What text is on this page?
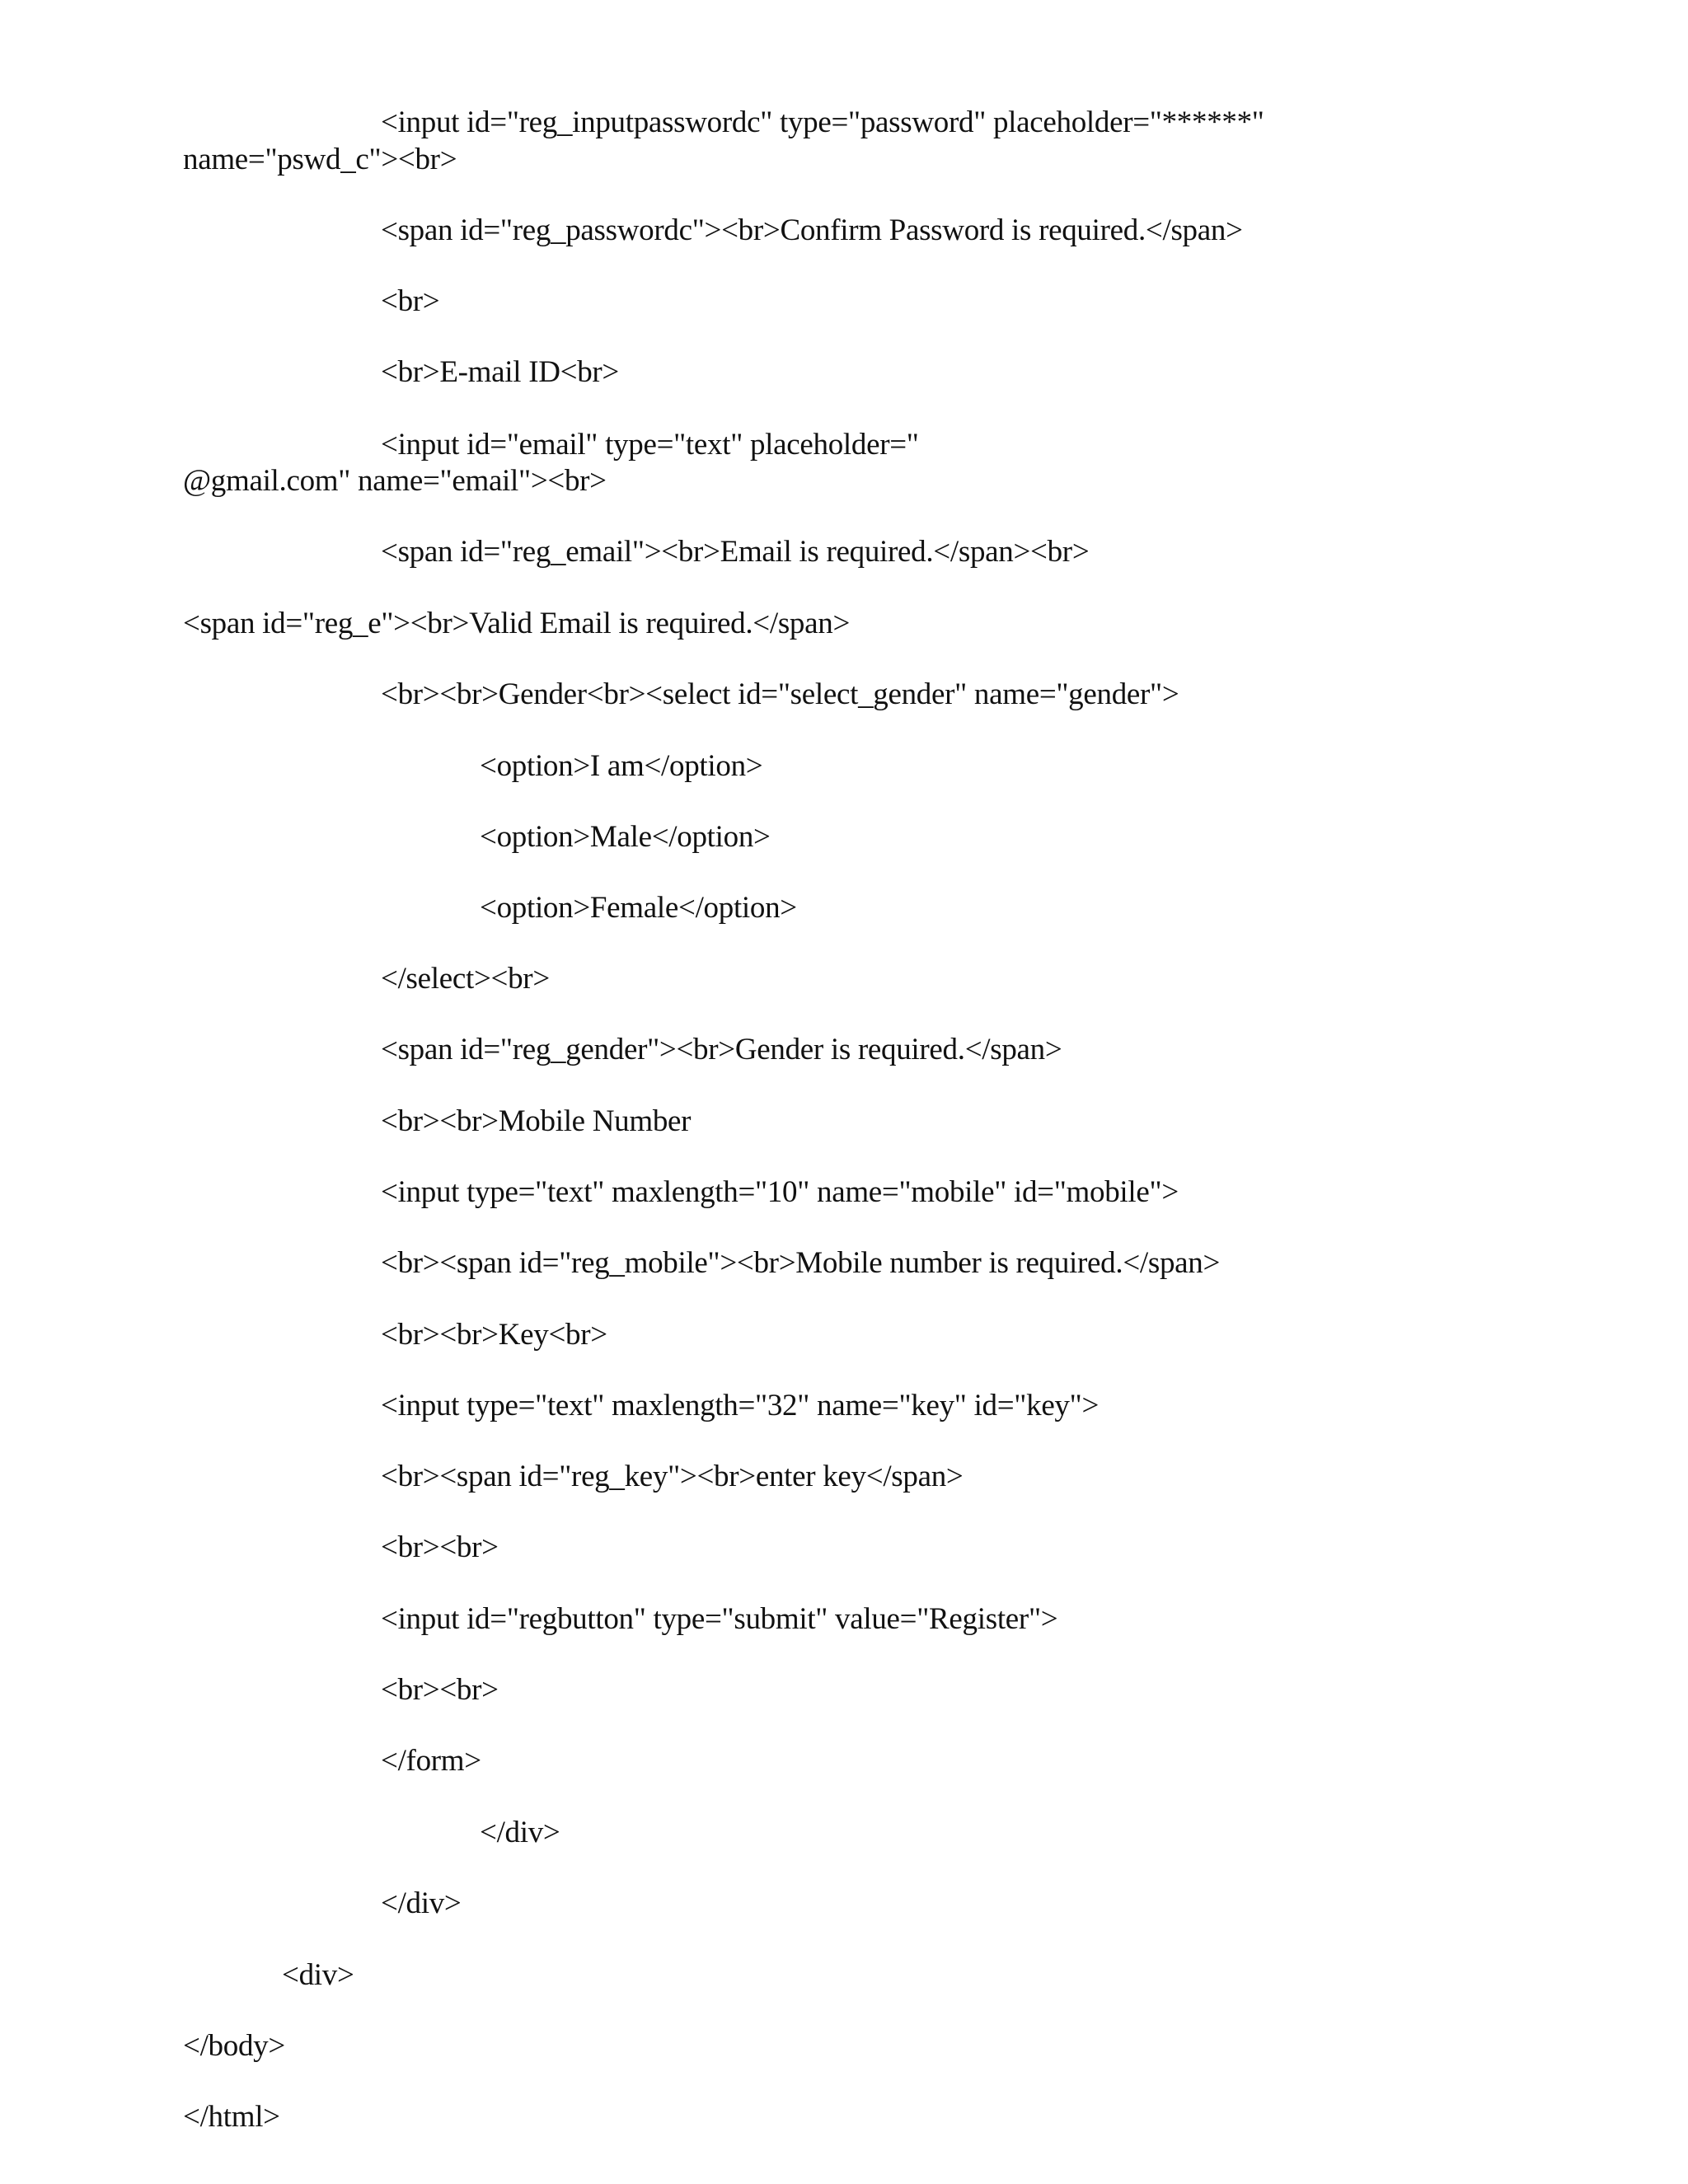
<input id="reg_inputpasswordc" type="password" placeholder="******"
name="pswd_c"><br>
<span id="reg_passwordc"><br>Confirm Password is required.</span>
<br>
<br>E-mail ID<br>
<input id="email" type="text" placeholder="
@gmail.com" name="email"><br>
<span id="reg_email"><br>Email is required.</span><br>
<span id="reg_e"><br>Valid Email is required.</span>
<br><br>Gender<br><select id="select_gender" name="gender">
<option>I am</option>
<option>Male</option>
<option>Female</option>
</select><br>
<span id="reg_gender"><br>Gender is required.</span>
<br><br>Mobile Number
<input type="text" maxlength="10" name="mobile" id="mobile">
<br><span id="reg_mobile"><br>Mobile number is required.</span>
<br><br>Key<br>
<input type="text" maxlength="32" name="key" id="key">
<br><span id="reg_key"><br>enter key</span>
<br><br>
<input id="regbutton" type="submit" value="Register">
<br><br>
</form>
</div>
</div>
<div>
</body>
</html>
